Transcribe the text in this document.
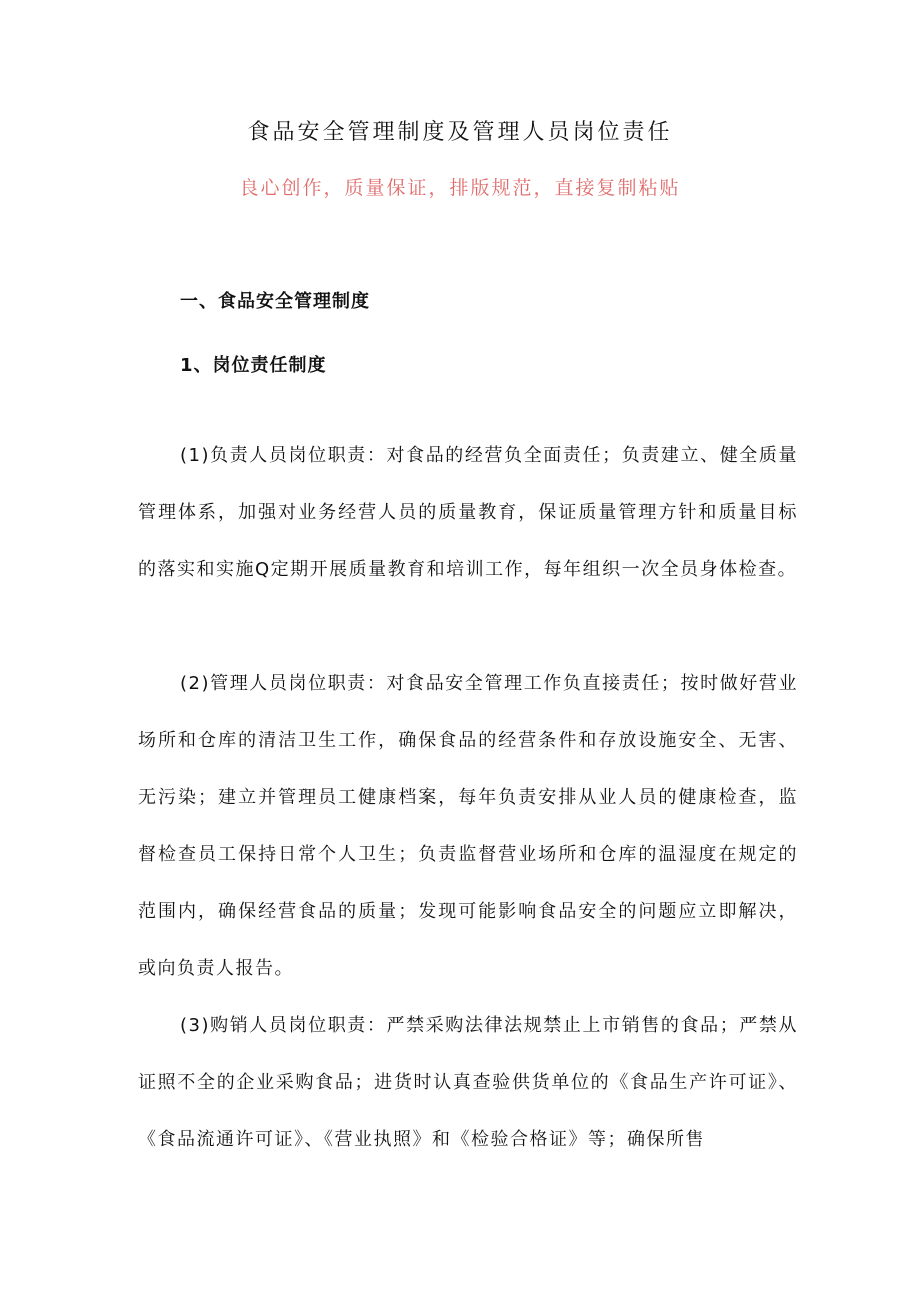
食品安全管理制度及管理人员岗位责任

良心创作，质量保证，排版规范，直接复制粘贴

一、食品安全管理制度
1、岗位责任制度

(1)负责人员岗位职责：对食品的经营负全面责任；负责建立、健全质量管理体系，加强对业务经营人员的质量教育，保证质量管理方针和质量目标的落实和实施Q定期开展质量教育和培训工作，每年组织一次全员身体检查。

(2)管理人员岗位职责：对食品安全管理工作负直接责任；按时做好营业场所和仓库的清洁卫生工作，确保食品的经营条件和存放设施安全、无害、无污染；建立并管理员工健康档案，每年负责安排从业人员的健康检查，监督检查员工保持日常个人卫生；负责监督营业场所和仓库的温湿度在规定的范围内，确保经营食品的质量；发现可能影响食品安全的问题应立即解决，或向负责人报告。

(3)购销人员岗位职责：严禁采购法律法规禁止上市销售的食品；严禁从证照不全的企业采购食品；进货时认真查验供货单位的《食品生产许可证》、《食品流通许可证》、《营业执照》和《检验合格证》等；确保所售
